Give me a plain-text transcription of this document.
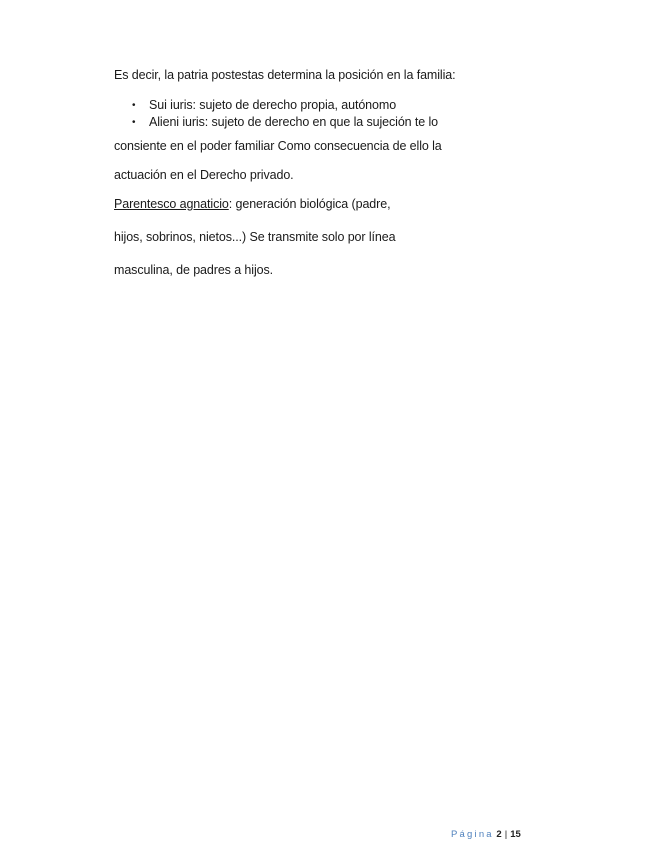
Es decir, la patria postestas determina la posición en la familia:

• Sui iuris: sujeto de derecho propia, autónomo
• Alieni iuris: sujeto de derecho en que la sujeción te lo

consiente en el poder familiar Como consecuencia de ello la

actuación en el Derecho privado.

Parentesco agnaticio: generación biológica (padre,

hijos, sobrinos, nietos...) Se transmite solo por línea

masculina, de padres a hijos.

Página 2 | 15
